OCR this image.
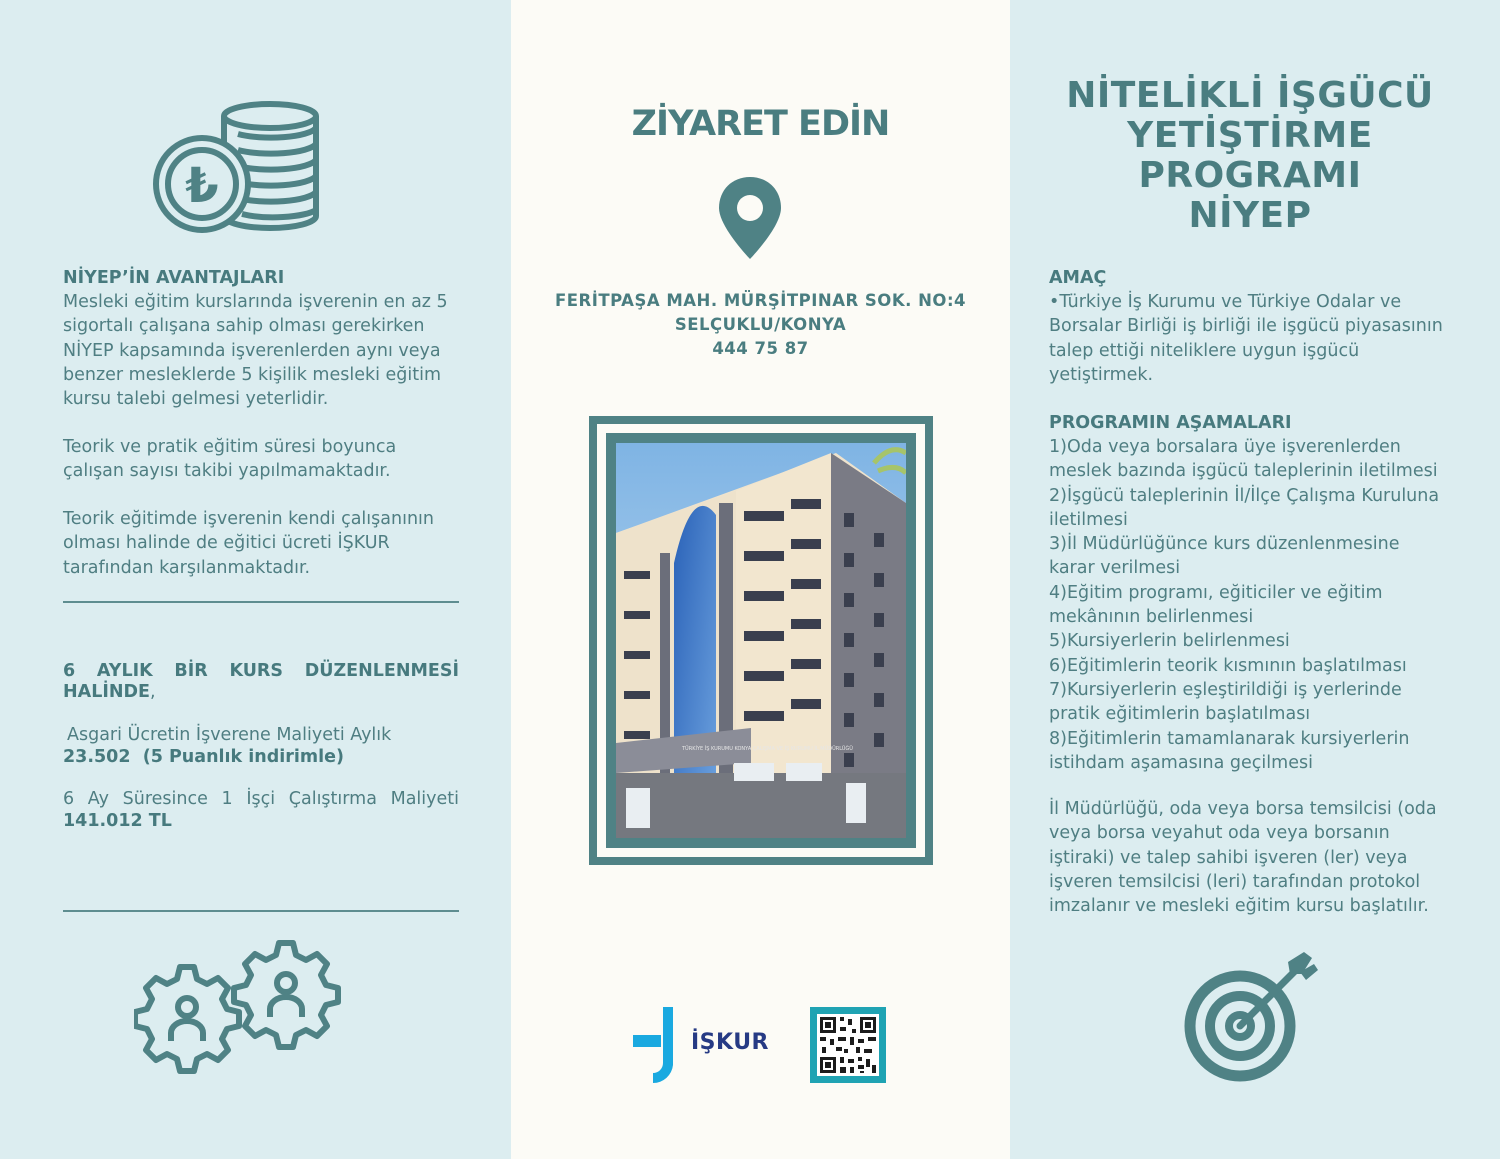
₺
NİYEP’İN AVANTAJLARI
Mesleki eğitim kurslarında işverenin en az 5 sigortalı çalışana sahip olması gerekirken NİYEP kapsamında işverenlerden aynı veya benzer mesleklerde 5 kişilik mesleki eğitim kursu talebi gelmesi yeterlidir.
Teorik ve pratik eğitim süresi boyunca çalışan sayısı takibi yapılmamaktadır.
Teorik eğitimde işverenin kendi çalışanının olması halinde de eğitici ücreti İŞKUR tarafından karşılanmaktadır.
6 AYLIK BİR KURS DÜZENLENMESİ
HALİNDE,
Asgari Ücretin İşverene Maliyeti Aylık
23.502  (5 Puanlık indirimle)
6 Ay Süresince 1 İşçi Çalıştırma Maliyeti
141.012 TL
ZİYARET EDİN
FERİTPAŞA MAH. MÜRŞİTPINAR SOK. NO:4
SELÇUKLU/KONYA
444 75 87
TÜRKİYE İŞ KURUMU KONYA ÇALIŞMA VE İŞ KURUMU İL MÜDÜRLÜĞÜ
İŞKUR
NİTELİKLİ İŞGÜCÜ
YETİŞTİRME
PROGRAMI
NİYEP
AMAÇ
•Türkiye İş Kurumu ve Türkiye Odalar ve Borsalar Birliği iş birliği ile işgücü piyasasının talep ettiği niteliklere uygun işgücü yetiştirmek.
PROGRAMIN AŞAMALARI
1)Oda veya borsalara üye işverenlerden meslek bazında işgücü taleplerinin iletilmesi
2)İşgücü taleplerinin İl/İlçe Çalışma Kuruluna iletilmesi
3)İl Müdürlüğünce kurs düzenlenmesine karar verilmesi
4)Eğitim programı, eğiticiler ve eğitim mekânının belirlenmesi
5)Kursiyerlerin belirlenmesi
6)Eğitimlerin teorik kısmının başlatılması
7)Kursiyerlerin eşleştirildiği iş yerlerinde pratik eğitimlerin başlatılması
8)Eğitimlerin tamamlanarak kursiyerlerin istihdam aşamasına geçilmesi
İl Müdürlüğü, oda veya borsa temsilcisi (oda veya borsa veyahut oda veya borsanın iştiraki) ve talep sahibi işveren (ler) veya işveren temsilcisi (leri) tarafından protokol imzalanır ve mesleki eğitim kursu başlatılır.
